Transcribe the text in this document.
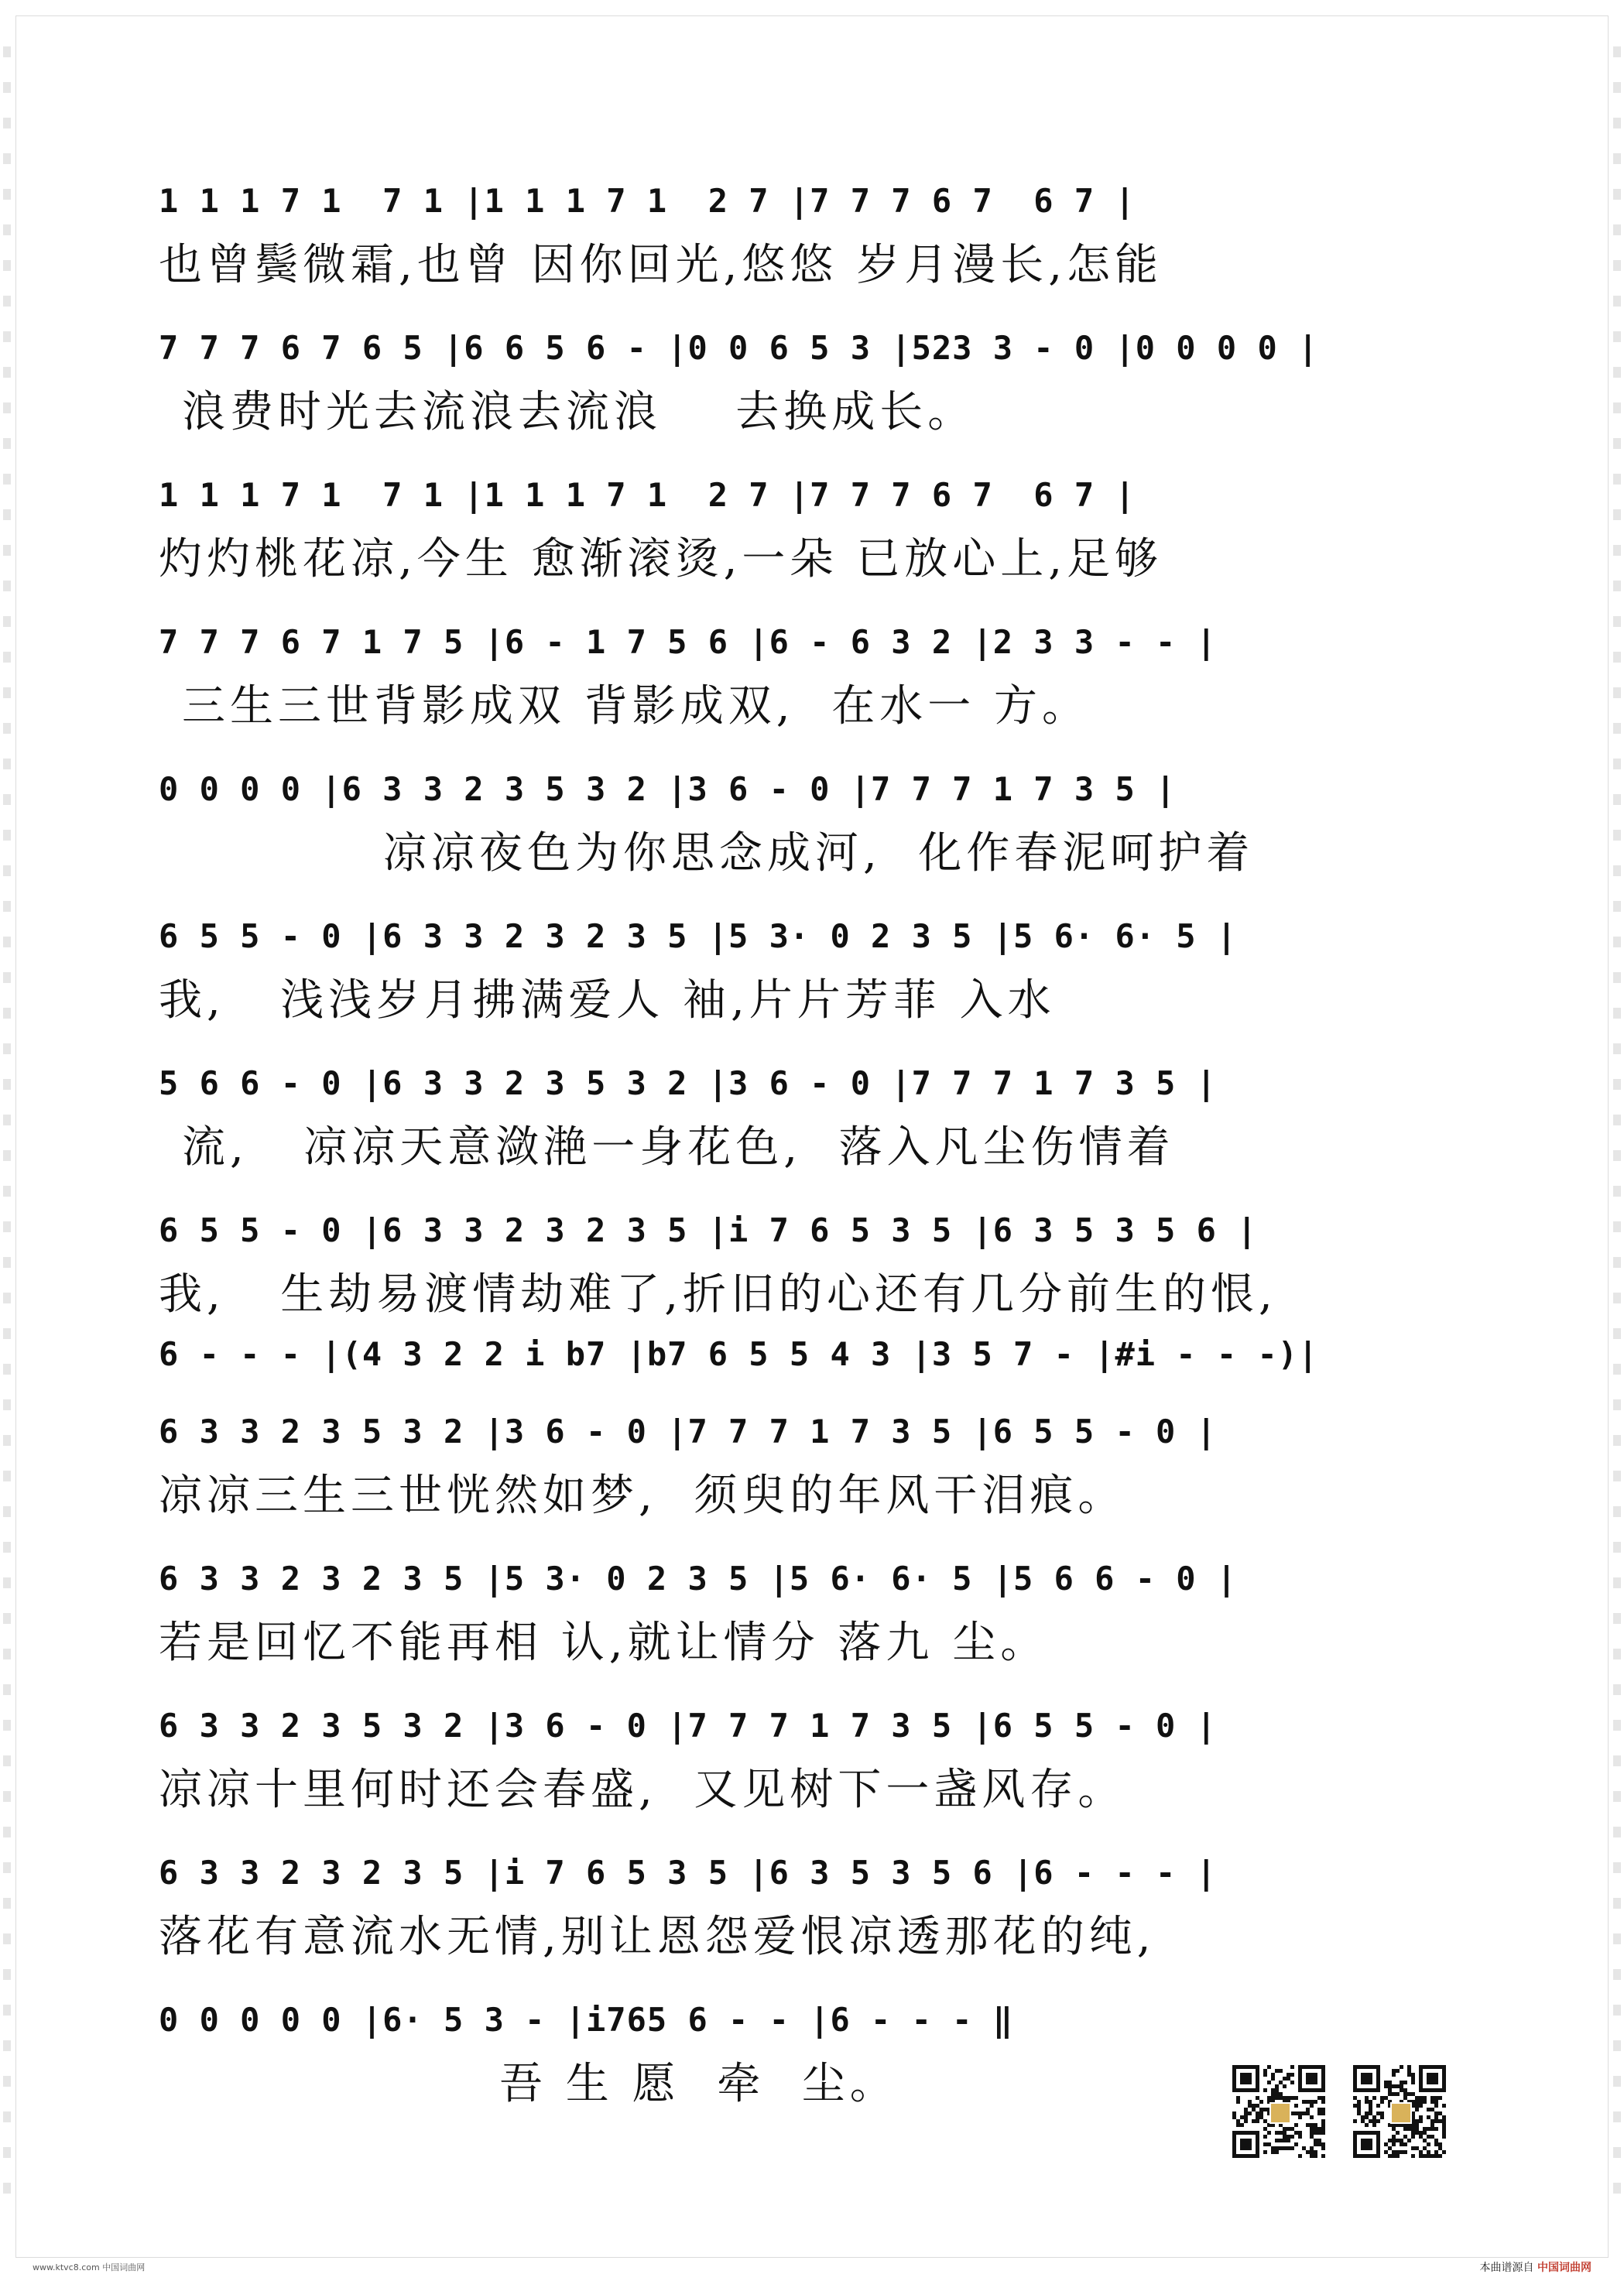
1 1 1 7 1  7 1 |1 1 1 7 1  2 7 |7 7 7 6 7  6 7 |
也曾鬓微霜,也曾 因你回光,悠悠 岁月漫长,怎能
7 7 7 6 7 6 5 |6 6 5 6 - |0 0 6 5 3 |523 3 - 0 |0 0 0 0 |
浪费时光去流浪去流浪    去换成长。
1 1 1 7 1  7 1 |1 1 1 7 1  2 7 |7 7 7 6 7  6 7 |
灼灼桃花凉,今生 愈渐滚烫,一朵 已放心上,足够
7 7 7 6 7 1 7 5 |6 - 1 7 5 6 |6 - 6 3 2 |2 3 3 - - |
三生三世背影成双 背影成双,  在水一 方。
0 0 0 0 |6 3 3 2 3 5 3 2 |3 6 - 0 |7 7 7 1 7 3 5 |
凉凉夜色为你思念成河,  化作春泥呵护着
6 5 5 - 0 |6 3 3 2 3 2 3 5 |5 3· 0 2 3 5 |5 6· 6· 5 |
我,   浅浅岁月拂满爱人 袖,片片芳菲 入水
5 6 6 - 0 |6 3 3 2 3 5 3 2 |3 6 - 0 |7 7 7 1 7 3 5 |
流,   凉凉天意潋滟一身花色,  落入凡尘伤情着
6 5 5 - 0 |6 3 3 2 3 2 3 5 |i 7 6 5 3 5 |6 3 5 3 5 6 |
我,   生劫易渡情劫难了,折旧的心还有几分前生的恨,
6 - - - |(4 3 2 2 i b7 |b7 6 5 5 4 3 |3 5 7 - |#i - - -)|
6 3 3 2 3 5 3 2 |3 6 - 0 |7 7 7 1 7 3 5 |6 5 5 - 0 |
凉凉三生三世恍然如梦,  须臾的年风干泪痕。
6 3 3 2 3 2 3 5 |5 3· 0 2 3 5 |5 6· 6· 5 |5 6 6 - 0 |
若是回忆不能再相 认,就让情分 落九 尘。
6 3 3 2 3 5 3 2 |3 6 - 0 |7 7 7 1 7 3 5 |6 5 5 - 0 |
凉凉十里何时还会春盛,  又见树下一盏风存。
6 3 3 2 3 2 3 5 |i 7 6 5 3 5 |6 3 5 3 5 6 |6 - - - |
落花有意流水无情,别让恩怨爱恨凉透那花的纯,
0 0 0 0 0 |6· 5 3 - |i765 6 - - |6 - - - ‖
吾 生 愿  牵  尘。
www.ktvc8.com 中国词曲网	本曲谱源自 中国词曲网
